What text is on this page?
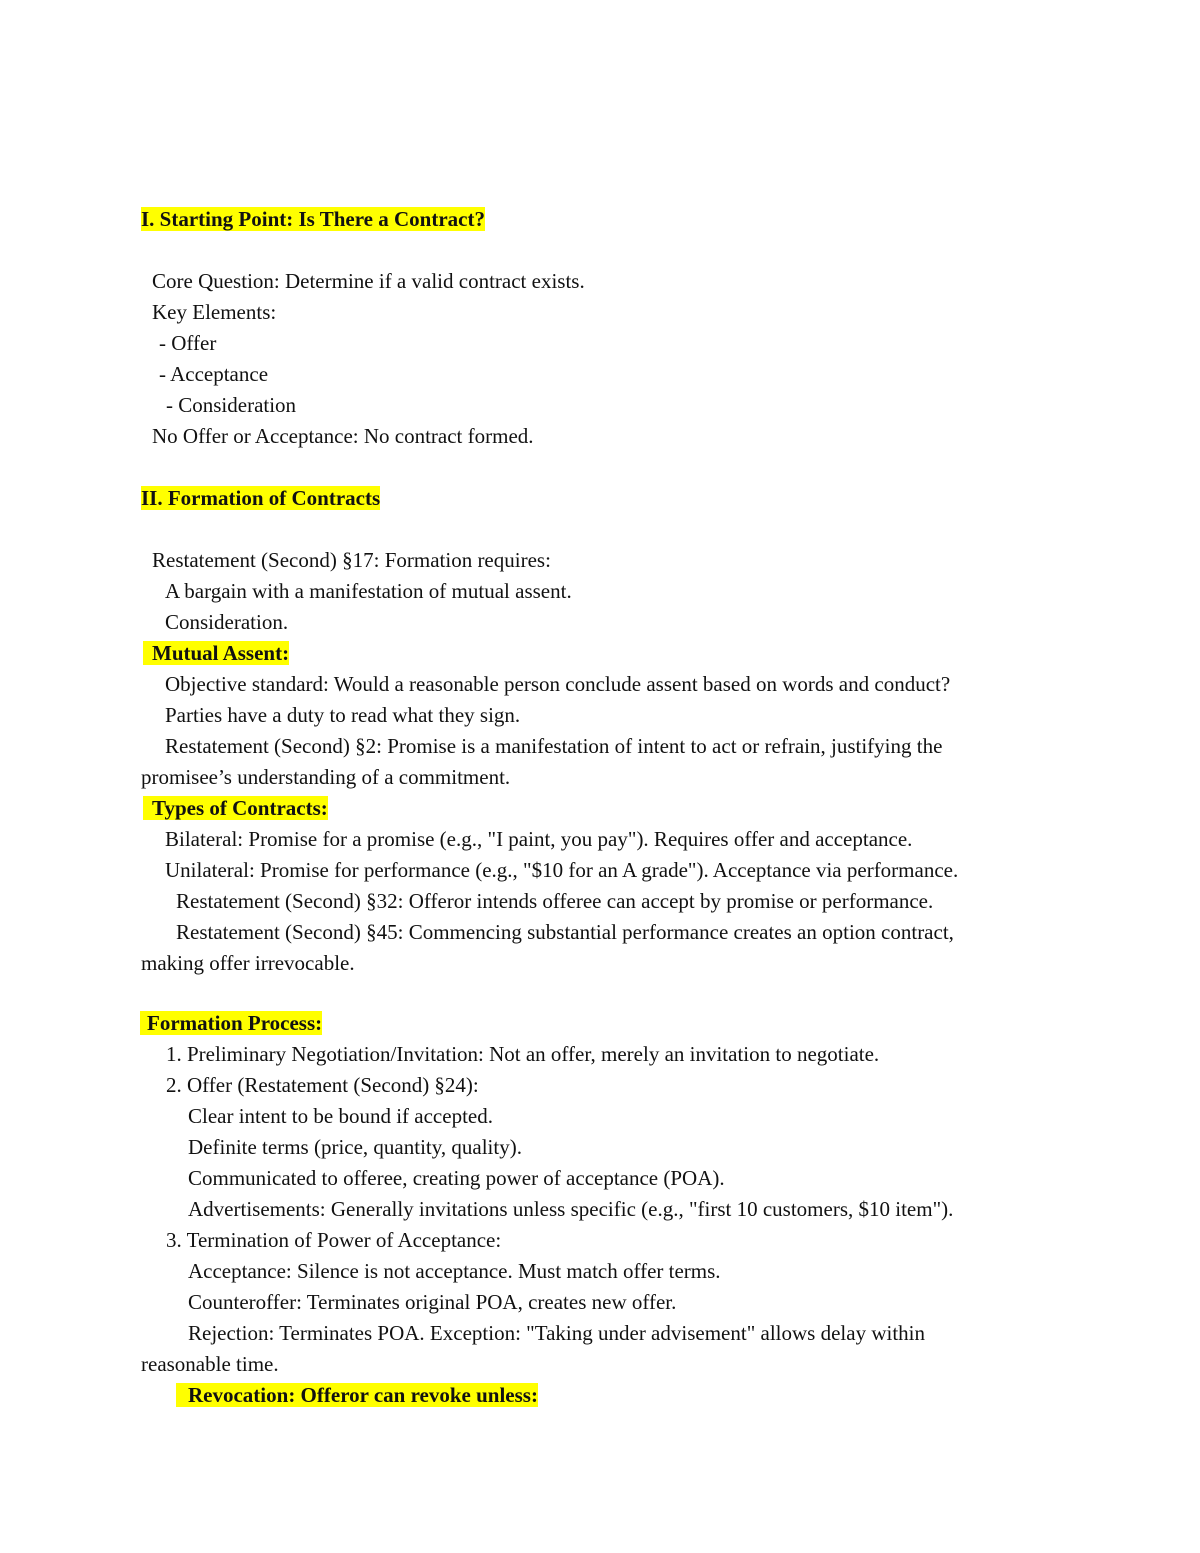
I. Starting Point: Is There a Contract?
Core Question: Determine if a valid contract exists.
Key Elements:
- Offer
- Acceptance
- Consideration
No Offer or Acceptance: No contract formed.
II. Formation of Contracts
Restatement (Second) §17: Formation requires:
A bargain with a manifestation of mutual assent.
Consideration.
Mutual Assent:
Objective standard: Would a reasonable person conclude assent based on words and conduct?
Parties have a duty to read what they sign.
Restatement (Second) §2: Promise is a manifestation of intent to act or refrain, justifying the
promisee’s understanding of a commitment.
Types of Contracts:
Bilateral: Promise for a promise (e.g., "I paint, you pay"). Requires offer and acceptance.
Unilateral: Promise for performance (e.g., "$10 for an A grade"). Acceptance via performance.
Restatement (Second) §32: Offeror intends offeree can accept by promise or performance.
Restatement (Second) §45: Commencing substantial performance creates an option contract,
making offer irrevocable.
Formation Process:
1. Preliminary Negotiation/Invitation: Not an offer, merely an invitation to negotiate.
2. Offer (Restatement (Second) §24):
Clear intent to be bound if accepted.
Definite terms (price, quantity, quality).
Communicated to offeree, creating power of acceptance (POA).
Advertisements: Generally invitations unless specific (e.g., "first 10 customers, $10 item").
3. Termination of Power of Acceptance:
Acceptance: Silence is not acceptance. Must match offer terms.
Counteroffer: Terminates original POA, creates new offer.
Rejection: Terminates POA. Exception: "Taking under advisement" allows delay within
reasonable time.
Revocation: Offeror can revoke unless:
